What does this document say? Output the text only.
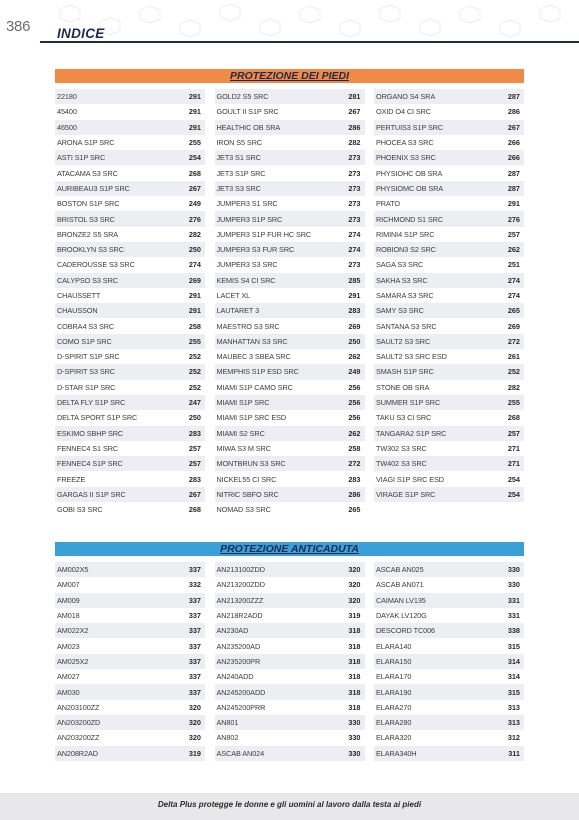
386 INDICE
PROTEZIONE DEI PIEDI
22180	291
45400	291
46500	291
ARONA S1P SRC	255
ASTI S1P SRC	254
ATACAMA S3 SRC	268
AURIBEAU3 S1P SRC	267
BOSTON S1P SRC	249
BRISTOL S3 SRC	276
BRONZE2 S5 SRA	282
BROOKLYN S3 SRC	250
CADEROUSSE S3 SRC	274
CALYPSO S3 SRC	269
CHAUSSETT	291
CHAUSSON	291
COBRA4 S3 SRC	258
COMO S1P SRC	255
D-SPIRIT S1P SRC	252
D-SPIRIT S3 SRC	252
D-STAR S1P SRC	252
DELTA FLY S1P SRC	247
DELTA SPORT S1P SRC	250
ESKIMO SBHP SRC	283
FENNEC4 S1 SRC	257
FENNEC4 S1P SRC	257
FREEZE	283
GARGAS II S1P SRC	267
GOBI S3 SRC	268
GOLD2 S5 SRC	281
GOULT II S1P SRC	267
HEALTHIC OB SRA	286
IRON S5 SRC	282
JET3 S1 SRC	273
JET3 S1P SRC	273
JET3 S3 SRC	273
JUMPER3 S1 SRC	273
JUMPER3 S1P SRC	273
JUMPER3 S1P FUR HC SRC	274
JUMPER3 S3 FUR SRC	274
JUMPER3 S3 SRC	273
KEMIS S4 CI SRC	285
LACET XL	291
LAUTARET 3	283
MAESTRO S3 SRC	269
MANHATTAN S3 SRC	250
MAUBEC 3 SBEA SRC	262
MEMPHIS S1P ESD SRC	249
MIAMI S1P CAMO SRC	256
MIAMI S1P SRC	256
MIAMI S1P SRC ESD	256
MIAMI S2 SRC	262
MIWA S3 M SRC	258
MONTBRUN S3 SRC	272
NICKEL55 CI SRC	283
NITRIC SBFO SRC	286
NOMAD S3 SRC	265
ORGANO S4 SRA	287
OXID O4 CI SRC	286
PERTUIS3 S1P SRC	267
PHOCEA S3 SRC	266
PHOENIX S3 SRC	266
PHYSIOHC OB SRA	287
PHYSIOMC OB SRA	287
PRATO	291
RICHMOND S1 SRC	276
RIMINI4 S1P SRC	257
ROBION3 S2 SRC	262
SAGA S3 SRC	251
SAKHA S3 SRC	274
SAMARA S3 SRC	274
SAMY S3 SRC	265
SANTANA S3 SRC	269
SAULT2 S3 SRC	272
SAULT2 S3 SRC ESD	261
SMASH S1P SRC	252
STONE OB SRA	282
SUMMER S1P SRC	255
TAKU S3 CI SRC	268
TANGARA2 S1P SRC	257
TW302 S3 SRC	271
TW402 S3 SRC	271
VIAGI S1P SRC ESD	254
VIRAGE S1P SRC	254
PROTEZIONE ANTICADUTA
AM002X5	337
AM007	332
AM009	337
AM018	337
AM022X2	337
AM023	337
AM025X2	337
AM027	337
AM030	337
AN203100ZZ	320
AN203200ZD	320
AN203200ZZ	320
AN208R2AD	319
AN213100ZDD	320
AN213200ZDD	320
AN213200ZZZ	320
AN218R2ADD	319
AN230AD	318
AN235200AD	318
AN235200PR	318
AN240ADD	318
AN245200ADD	318
AN245200PRR	318
AN801	330
AN802	330
ASCAB AN024	330
ASCAB AN025	330
ASCAB AN071	330
CAIMAN LV135	331
DAYAK LV120G	331
DESCORD TC006	338
ELARA140	315
ELARA150	314
ELARA170	314
ELARA190	315
ELARA270	313
ELARA280	313
ELARA320	312
ELARA340H	311
Delta Plus protegge le donne e gli uomini al lavoro dalla testa ai piedi
